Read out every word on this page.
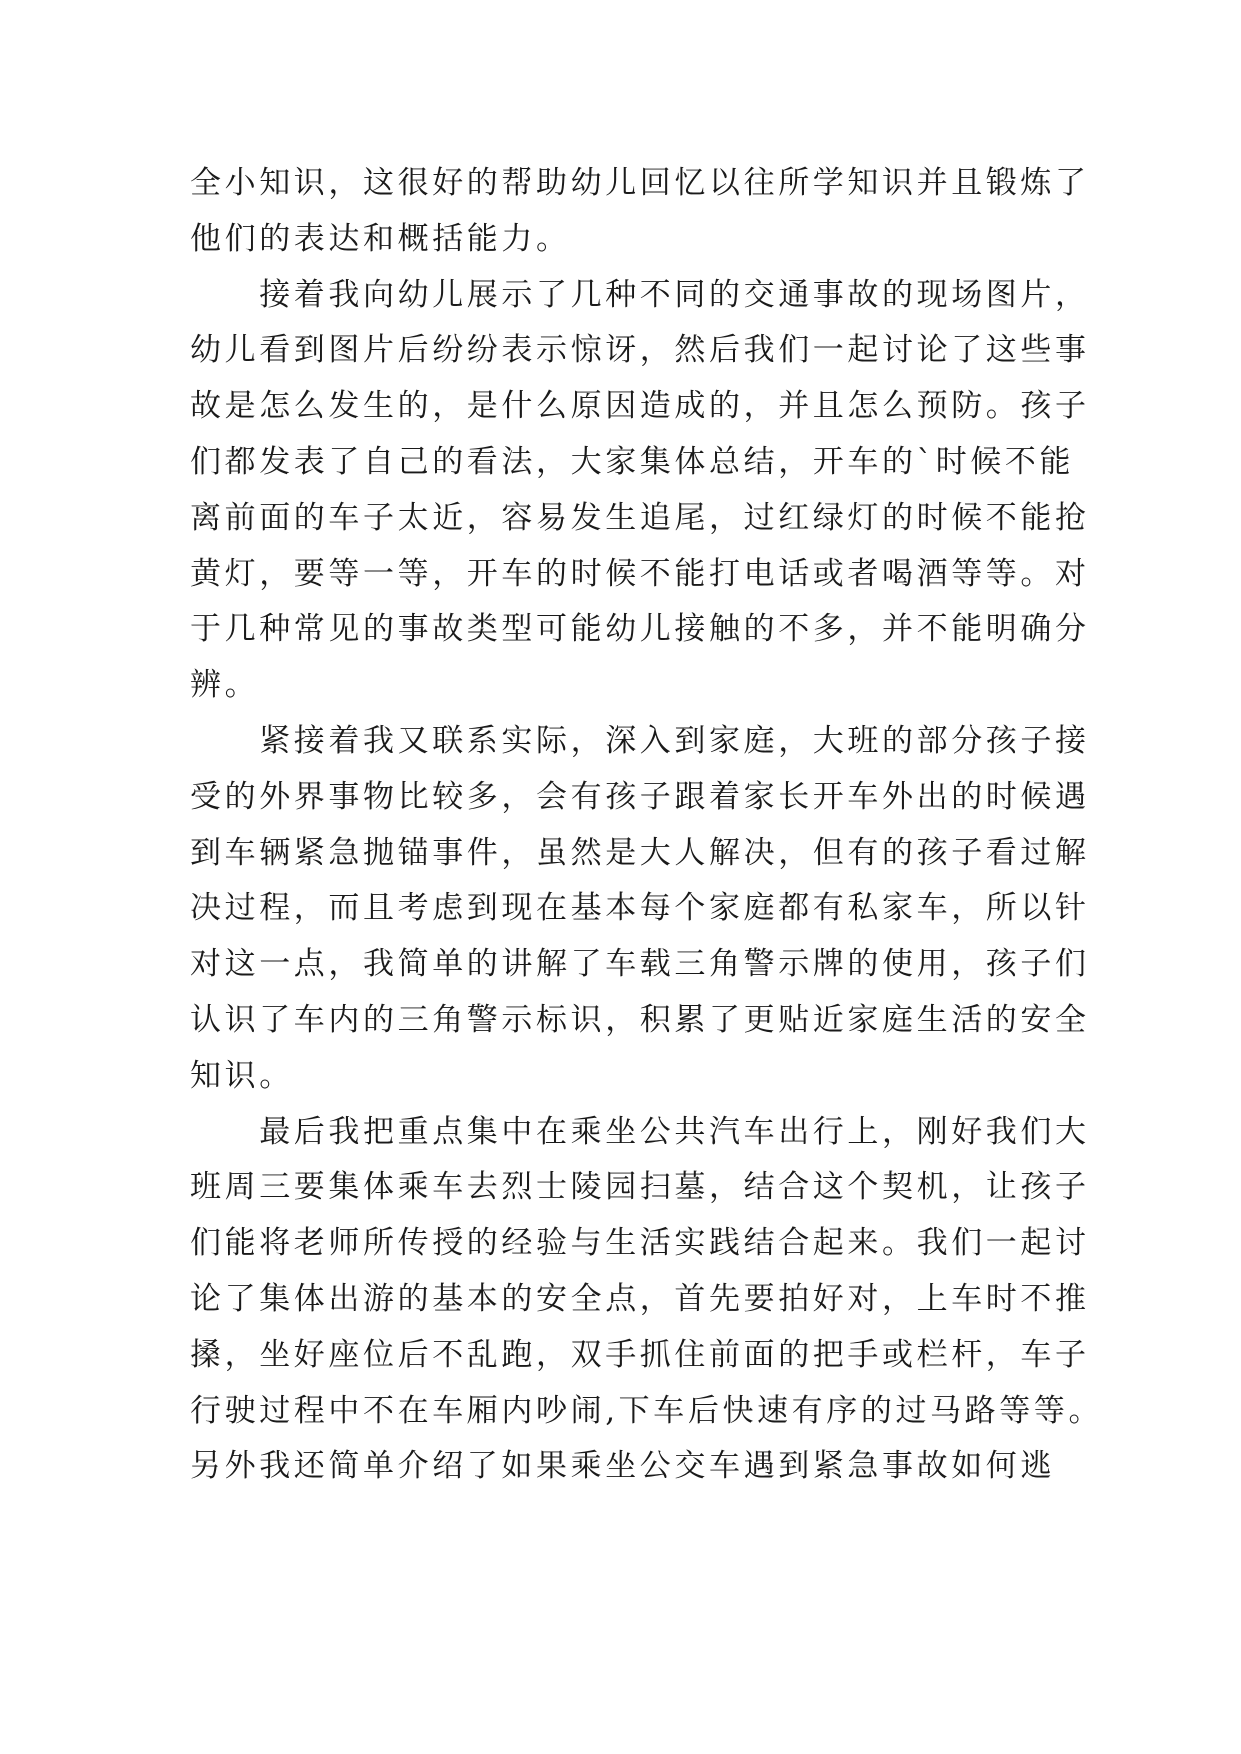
全小知识，这很好的帮助幼儿回忆以往所学知识并且锻炼了
他们的表达和概括能力。
　　接着我向幼儿展示了几种不同的交通事故的现场图片，
幼儿看到图片后纷纷表示惊讶，然后我们一起讨论了这些事
故是怎么发生的，是什么原因造成的，并且怎么预防。孩子
们都发表了自己的看法，大家集体总结，开车的`时候不能
离前面的车子太近，容易发生追尾，过红绿灯的时候不能抢
黄灯，要等一等，开车的时候不能打电话或者喝酒等等。对
于几种常见的事故类型可能幼儿接触的不多，并不能明确分
辨。
　　紧接着我又联系实际，深入到家庭，大班的部分孩子接
受的外界事物比较多，会有孩子跟着家长开车外出的时候遇
到车辆紧急抛锚事件，虽然是大人解决，但有的孩子看过解
决过程，而且考虑到现在基本每个家庭都有私家车，所以针
对这一点，我简单的讲解了车载三角警示牌的使用，孩子们
认识了车内的三角警示标识，积累了更贴近家庭生活的安全
知识。
　　最后我把重点集中在乘坐公共汽车出行上，刚好我们大
班周三要集体乘车去烈士陵园扫墓，结合这个契机，让孩子
们能将老师所传授的经验与生活实践结合起来。我们一起讨
论了集体出游的基本的安全点，首先要拍好对，上车时不推
搡，坐好座位后不乱跑，双手抓住前面的把手或栏杆，车子
行驶过程中不在车厢内吵闹,下车后快速有序的过马路等等。
另外我还简单介绍了如果乘坐公交车遇到紧急事故如何逃
